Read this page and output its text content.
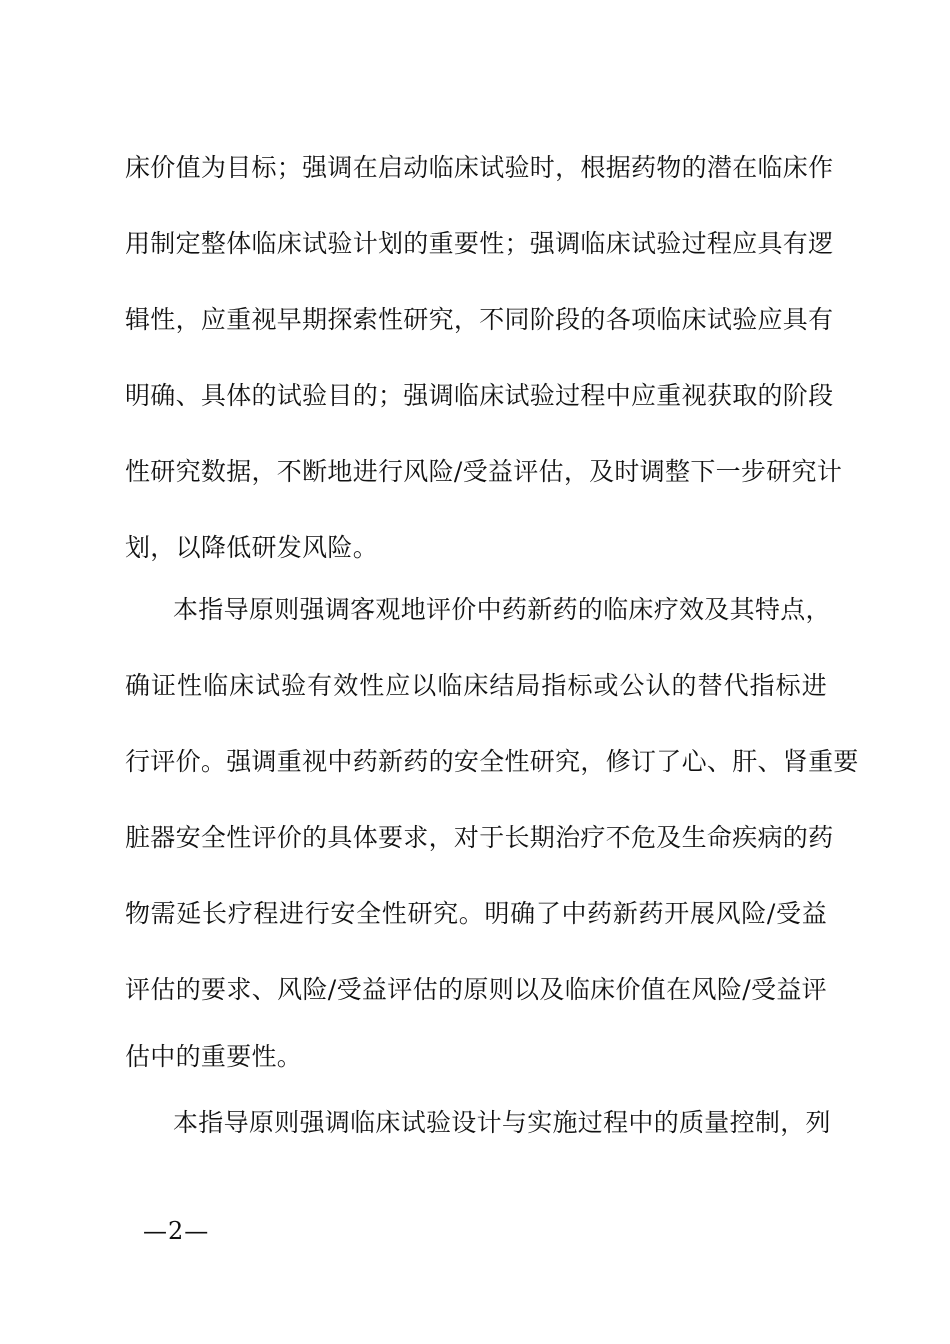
床价值为目标；强调在启动临床试验时，根据药物的潜在临床作
用制定整体临床试验计划的重要性；强调临床试验过程应具有逻
辑性，应重视早期探索性研究，不同阶段的各项临床试验应具有
明确、具体的试验目的；强调临床试验过程中应重视获取的阶段
性研究数据，不断地进行风险/受益评估，及时调整下一步研究计
划，以降低研发风险。
本指导原则强调客观地评价中药新药的临床疗效及其特点，
确证性临床试验有效性应以临床结局指标或公认的替代指标进
行评价。强调重视中药新药的安全性研究，修订了心、肝、肾重要
脏器安全性评价的具体要求，对于长期治疗不危及生命疾病的药
物需延长疗程进行安全性研究。明确了中药新药开展风险/受益
评估的要求、风险/受益评估的原则以及临床价值在风险/受益评
估中的重要性。
本指导原则强调临床试验设计与实施过程中的质量控制，列
—2—
